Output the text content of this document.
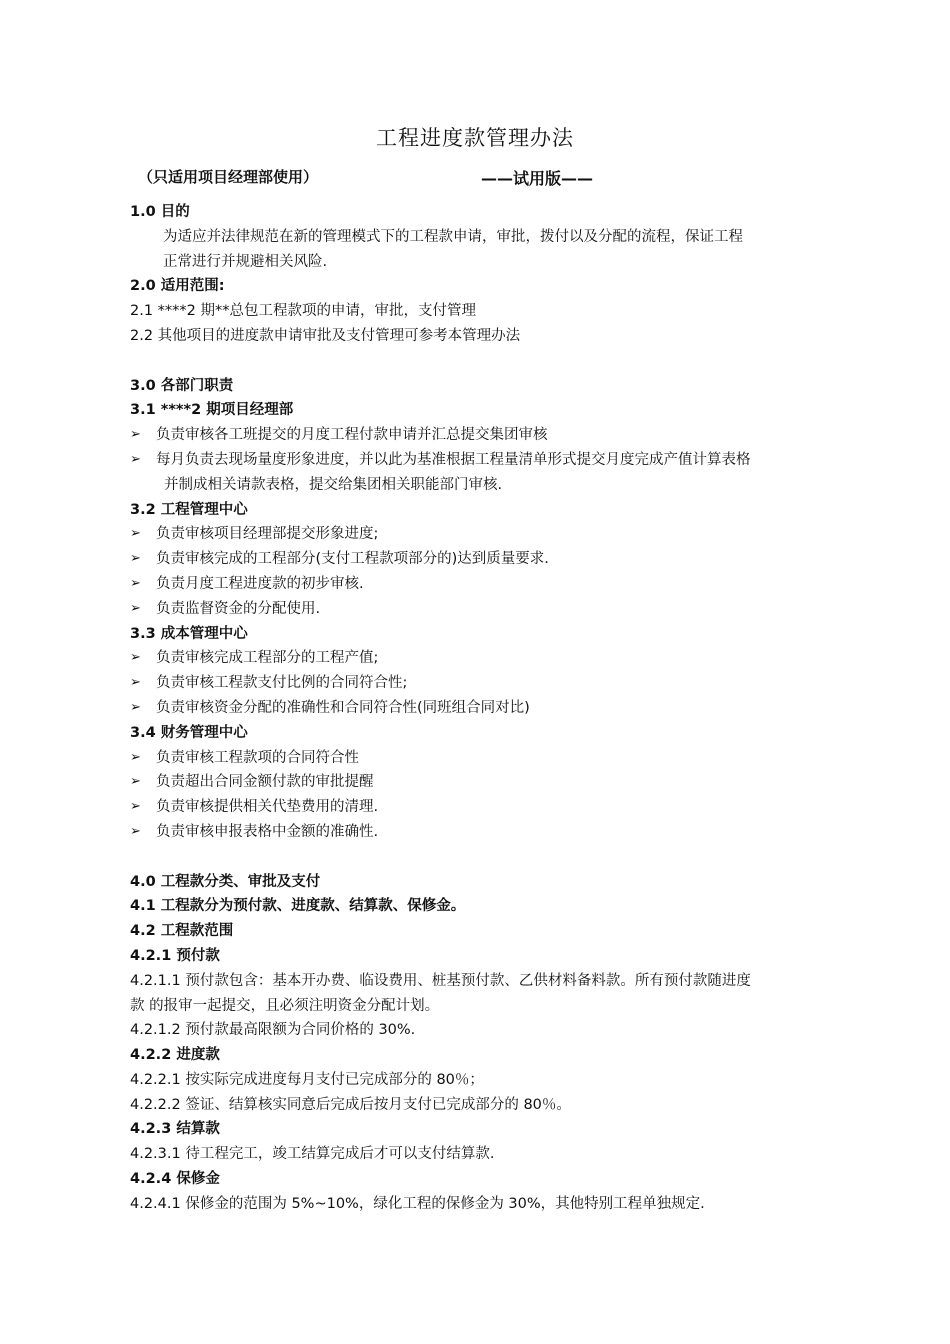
工程进度款管理办法
（只适用项目经理部使用）	——试用版——
1.0 目的
为适应并法律规范在新的管理模式下的工程款申请，审批，拨付以及分配的流程，保证工程
正常进行并规避相关风险.
2.0 适用范围:
2.1 ****2 期**总包工程款项的申请，审批，支付管理
2.2 其他项目的进度款申请审批及支付管理可参考本管理办法
3.0 各部门职责
3.1 ****2 期项目经理部
➢ 负责审核各工班提交的月度工程付款申请并汇总提交集团审核
➢ 每月负责去现场量度形象进度，并以此为基准根据工程量清单形式提交月度完成产值计算表格
并制成相关请款表格，提交给集团相关职能部门审核.
3.2 工程管理中心
➢ 负责审核项目经理部提交形象进度;
➢ 负责审核完成的工程部分(支付工程款项部分的)达到质量要求.
➢ 负责月度工程进度款的初步审核.
➢ 负责监督资金的分配使用.
3.3 成本管理中心
➢ 负责审核完成工程部分的工程产值;
➢ 负责审核工程款支付比例的合同符合性;
➢ 负责审核资金分配的准确性和合同符合性(同班组合同对比)
3.4 财务管理中心
➢ 负责审核工程款项的合同符合性
➢ 负责超出合同金额付款的审批提醒
➢ 负责审核提供相关代垫费用的清理.
➢ 负责审核申报表格中金额的准确性.
4.0 工程款分类、审批及支付
4.1 工程款分为预付款、进度款、结算款、保修金。
4.2 工程款范围
4.2.1 预付款
4.2.1.1 预付款包含：基本开办费、临设费用、桩基预付款、乙供材料备料款。所有预付款随进度
款 的报审一起提交，且必须注明资金分配计划。
4.2.1.2 预付款最高限额为合同价格的 30%.
4.2.2 进度款
4.2.2.1 按实际完成进度每月支付已完成部分的 80％；
4.2.2.2 签证、结算核实同意后完成后按月支付已完成部分的 80％。
4.2.3 结算款
4.2.3.1 待工程完工，竣工结算完成后才可以支付结算款.
4.2.4 保修金
4.2.4.1 保修金的范围为 5%~10%，绿化工程的保修金为 30%，其他特别工程单独规定.
